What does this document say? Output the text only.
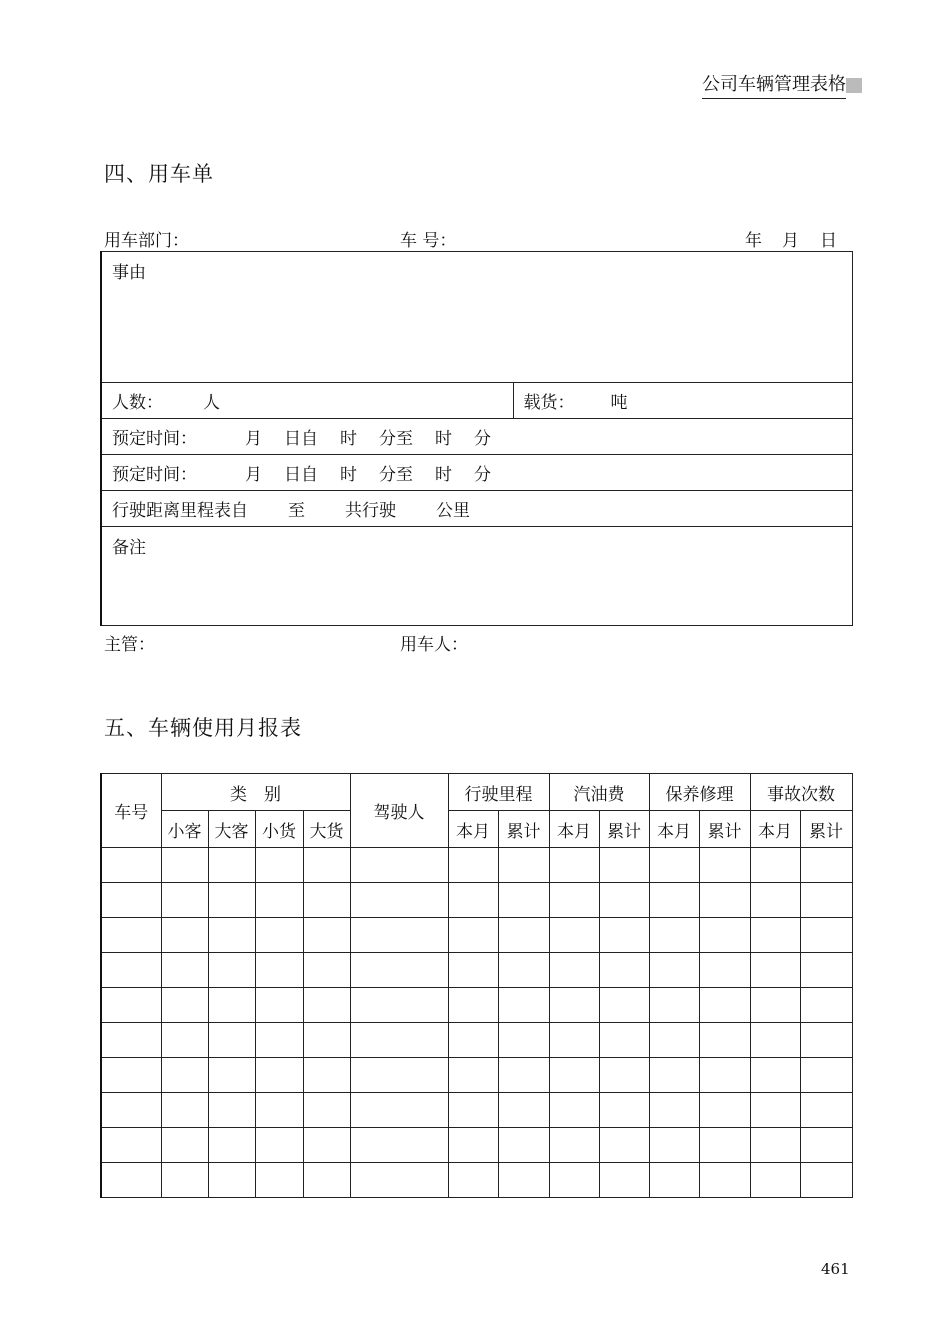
公司车辆管理表格
四、用车单
用车部门：	车 号：	年 月 日
事由
人数： 人	载货： 吨
预定时间：	月 日自 时 分至 时 分
预定时间：	月 日自 时 分至 时 分
行驶距离里程表自 至 共行驶 公里
备注
主管：	用车人：
五、车辆使用月报表
车号	类　别				驾驶人	行驶里程		汽油费		保养修理		事故次数	
	小客	大客	小货	大货		本月	累计	本月	累计	本月	累计	本月	累计

461
